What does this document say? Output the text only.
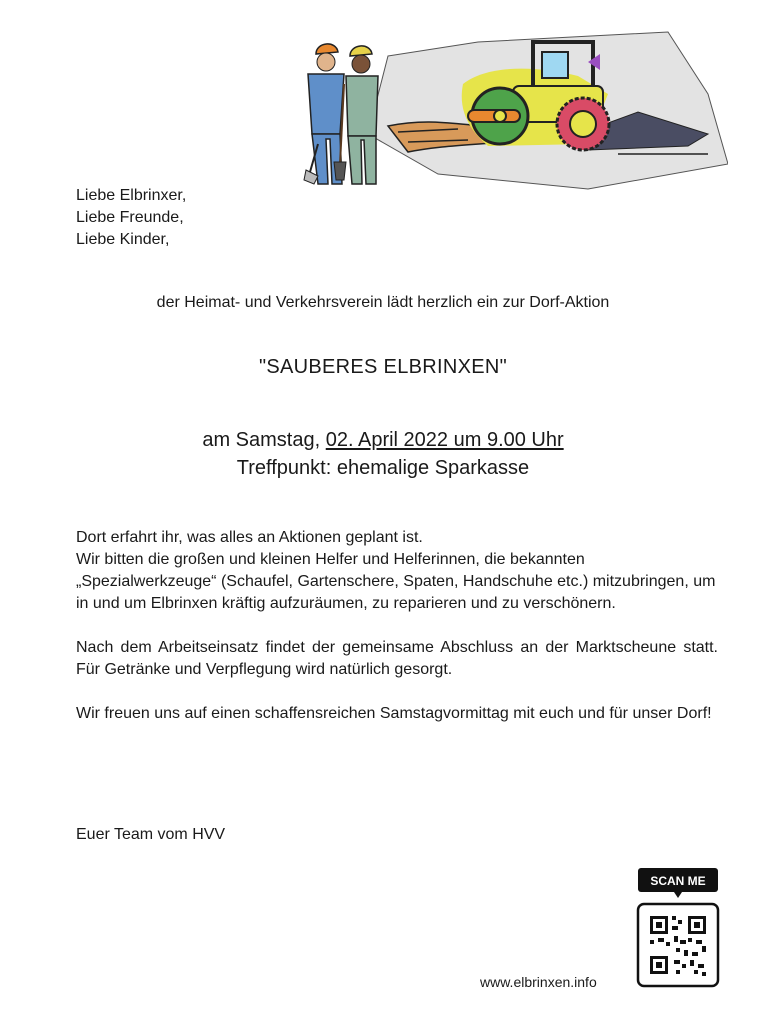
Liebe Elbrinxer,
Liebe Freunde,
Liebe Kinder,
der Heimat- und Verkehrsverein lädt herzlich ein zur Dorf-Aktion
"SAUBERES ELBRINXEN"
am Samstag, 02. April 2022 um 9.00 Uhr
Treffpunkt: ehemalige Sparkasse

Dort erfahrt ihr, was alles an Aktionen geplant ist.
Wir bitten die großen und kleinen Helfer und Helferinnen, die bekannten „Spezialwerkzeuge“ (Schaufel, Gartenschere, Spaten, Handschuhe etc.) mitzubringen, um in und um Elbrinxen kräftig aufzuräumen, zu reparieren und zu verschönern.

Nach dem Arbeitseinsatz findet der gemeinsame Abschluss an der Marktscheune statt. Für Getränke und Verpflegung wird natürlich gesorgt.

Wir freuen uns auf einen schaffensreichen Samstagvormittag mit euch und für unser Dorf!

Euer Team vom HVV
www.elbrinxen.info
SCAN ME
